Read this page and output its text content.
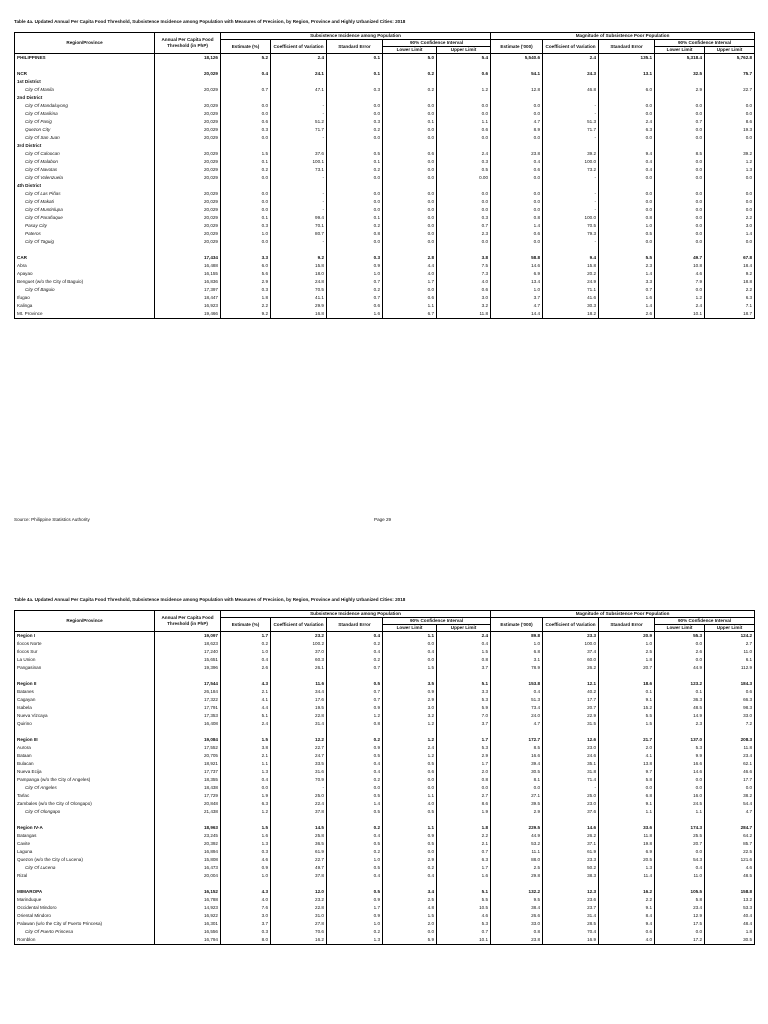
Table 4a. Updated Annual Per Capita Food Threshold, Subsistence Incidence among Population with Measures of Precision, by Region, Province and Highly Urbanized Cities: 2018
Region/Province	Annual Per Capita Food Threshold (in PhP)	Subsistence Incidence among Population					Magnitude of Subsistence Poor Population				
		Estimate (%)	Coefficient of Variation	Standard Error	90% Confidence Interval		Estimate ('000)	Coefficient of Variation	Standard Error	90% Confidence Interval	
					Lower Limit	Upper Limit				Lower Limit	Upper Limit
PHILIPPINES	18,126	5.2	2.4	0.1	5.0	5.4	5,540.6	2.4	135.1	5,318.4	5,762.8

NCR	20,029	0.4	24.1	0.1	0.2	0.6	54.1	24.3	13.1	32.5	75.7
1st District											
City Of Manila	20,029	0.7	47.1	0.3	0.2	1.2	12.8	46.8	6.0	2.9	22.7
2nd District											
City Of Mandaluyong	20,029	0.0	-	0.0	0.0	0.0	0.0	-	0.0	0.0	0.0
City Of Marikina	20,029	0.0	-	0.0	0.0	0.0	0.0	-	0.0	0.0	0.0
City Of Pasig	20,029	0.6	51.2	0.3	0.1	1.1	4.7	51.3	2.4	0.7	8.6
Quezon City	20,029	0.3	71.7	0.2	0.0	0.6	8.9	71.7	6.3	0.0	19.3
City Of San Juan	20,029	0.0	-	0.0	0.0	0.0	0.0	-	0.0	0.0	0.0
3rd District											
City Of Caloocan	20,029	1.5	37.6	0.5	0.6	2.4	23.8	39.2	9.4	8.5	39.2
City Of Malabon	20,029	0.1	100.1	0.1	0.0	0.3	0.4	100.0	0.4	0.0	1.2
City Of Navotas	20,029	0.2	73.1	0.2	0.0	0.5	0.6	73.2	0.4	0.0	1.3
City Of Valenzuela	20,029	0.0	-	0.0	0.0	0.00	0.0	-	0.0	0.0	0.0
4th District											
City Of Las Piñas	20,029	0.0	-	0.0	0.0	0.0	0.0	-	0.0	0.0	0.0
City Of Makati	20,029	0.0	-	0.0	0.0	0.0	0.0	-	0.0	0.0	0.0
City Of Muntinlupa	20,029	0.0	-	0.0	0.0	0.0	0.0	-	0.0	0.0	0.0
City Of Parañaque	20,029	0.1	99.4	0.1	0.0	0.3	0.8	100.0	0.8	0.0	2.2
Pasay City	20,029	0.3	70.1	0.2	0.0	0.7	1.4	70.5	1.0	0.0	3.0
Pateros	20,029	1.0	80.7	0.8	0.0	2.3	0.6	79.3	0.5	0.0	1.4
City Of Taguig	20,029	0.0	-	0.0	0.0	0.0	0.0	-	0.0	0.0	0.0

CAR	17,434	3.3	9.2	0.3	2.8	3.8	58.8	9.4	5.5	49.7	67.8
Abra	16,488	6.0	15.8	0.9	4.4	7.5	14.6	15.8	2.3	10.8	18.4
Apayao	16,155	5.6	18.0	1.0	4.0	7.3	6.9	20.2	1.4	4.6	9.2
Benguet (w/o the City of Baguio)	16,836	2.9	24.8	0.7	1.7	4.0	13.4	24.9	3.3	7.9	18.8
City Of Baguio	17,397	0.3	70.5	0.2	0.0	0.6	1.0	71.1	0.7	0.0	2.2
Ifugao	18,447	1.8	41.1	0.7	0.6	3.0	3.7	41.6	1.6	1.2	6.3
Kalinga	16,923	2.2	29.9	0.6	1.1	3.2	4.7	30.3	1.4	2.4	7.1
Mt. Province	19,466	9.2	16.8	1.6	6.7	11.8	14.4	18.2	2.6	10.1	18.7
Source: Philippine Statistics Authority	Page 29
Table 4a. Updated Annual Per Capita Food Threshold, Subsistence Incidence among Population with Measures of Precision, by Region, Province and Highly Urbanized Cities: 2018
Region/Province	Annual Per Capita Food Threshold (in PhP)	Subsistence Incidence among Population					Magnitude of Subsistence Poor Population				
		Estimate (%)	Coefficient of Variation	Standard Error	90% Confidence Interval		Estimate ('000)	Coefficient of Variation	Standard Error	90% Confidence Interval	
					Lower Limit	Upper Limit				Lower Limit	Upper Limit
Region I	19,097	1.7	23.2	0.4	1.1	2.4	89.8	23.3	20.9	55.3	124.2
Ilocos Norte	18,623	0.2	100.2	0.2	0.0	0.4	1.0	100.0	1.0	0.0	2.7
Ilocos Sur	17,240	1.0	37.0	0.4	0.4	1.5	6.8	37.4	2.5	2.6	11.0
La Union	15,651	0.4	60.3	0.2	0.0	0.8	3.1	60.0	1.8	0.0	6.1
Pangasinan	19,396	2.6	26.1	0.7	1.5	3.7	78.9	26.2	20.7	44.9	112.9

Region II	17,544	4.3	11.6	0.5	3.5	5.1	153.8	12.1	18.6	123.2	184.3
Batanes	26,184	2.1	34.4	0.7	0.9	3.3	0.4	40.2	0.1	0.1	0.6
Cagayan	17,322	4.1	17.6	0.7	2.9	5.3	51.3	17.7	9.1	36.3	66.3
Isabela	17,791	4.4	19.5	0.9	3.0	5.9	73.4	20.7	15.2	48.5	98.3
Nueva Vizcaya	17,353	5.1	22.8	1.2	3.2	7.0	24.0	22.9	5.5	14.9	33.0
Quirino	16,408	2.4	31.4	0.8	1.2	3.7	4.7	31.5	1.5	2.3	7.2

Region III	19,084	1.5	12.2	0.2	1.2	1.7	172.7	12.6	21.7	137.0	208.3
Aurora	17,552	3.8	22.7	0.9	2.4	5.3	8.5	23.0	2.0	5.3	11.8
Bataan	20,705	2.1	24.7	0.5	1.2	2.9	16.6	24.6	4.1	9.9	23.4
Bulacan	18,921	1.1	33.5	0.4	0.5	1.7	39.4	35.1	13.8	16.6	62.1
Nueva Ecija	17,737	1.3	31.6	0.4	0.6	2.0	30.5	31.8	9.7	14.6	46.6
Pampanga (w/o the City of Angeles)	18,355	0.4	70.9	0.2	0.0	0.8	8.1	71.4	5.8	0.0	17.7
City Of Angeles	18,438	0.0	-	0.0	0.0	0.0	0.0	-	0.0	0.0	0.0
Tarlac	17,729	1.9	25.0	0.5	1.1	2.7	27.1	25.0	6.8	16.0	38.2
Zambales (w/o the City of Olongapo)	20,848	6.3	22.4	1.4	4.0	8.6	39.5	23.0	9.1	24.5	54.4
City Of Olongapo	21,438	1.2	37.8	0.5	0.5	1.9	2.9	37.6	1.1	1.1	4.7

Region IV-A	18,963	1.5	14.5	0.2	1.1	1.8	229.5	14.6	33.6	174.3	284.7
Batangas	23,245	1.6	25.8	0.4	0.9	2.2	44.9	26.2	11.8	25.5	64.2
Cavite	20,392	1.3	36.5	0.5	0.5	2.1	53.2	37.1	19.8	20.7	85.7
Laguna	16,894	0.3	61.9	0.2	0.0	0.7	11.1	61.9	6.9	0.0	22.5
Quezon (w/o the City of Lucena)	15,808	4.6	22.7	1.0	2.9	6.3	88.0	23.3	20.5	54.3	121.6
City Of Lucena	16,473	0.9	49.7	0.5	0.2	1.7	2.5	50.2	1.3	0.4	4.6
Rizal	20,004	1.0	37.8	0.4	0.4	1.6	29.8	38.3	11.4	11.0	48.5

MIMAROPA	16,152	4.3	12.0	0.5	3.4	5.1	132.2	12.3	16.2	105.5	158.8
Marinduque	16,788	4.0	23.2	0.9	2.5	5.5	9.5	23.6	2.2	5.8	13.2
Occidental Mindoro	14,923	7.6	22.8	1.7	4.8	10.5	38.4	23.7	9.1	23.4	53.3
Oriental Mindoro	16,922	3.0	31.0	0.9	1.5	4.6	26.6	31.4	8.4	12.9	40.4
Palawan (w/o the City of Puerto Princesa)	16,301	3.7	27.8	1.0	2.0	5.3	33.0	28.5	9.4	17.5	48.4
City Of Puerto Princesa	16,556	0.3	70.6	0.2	0.0	0.7	0.8	70.4	0.6	0.0	1.8
Romblon	16,794	8.0	16.2	1.3	5.9	10.1	23.8	16.9	4.0	17.2	30.5
